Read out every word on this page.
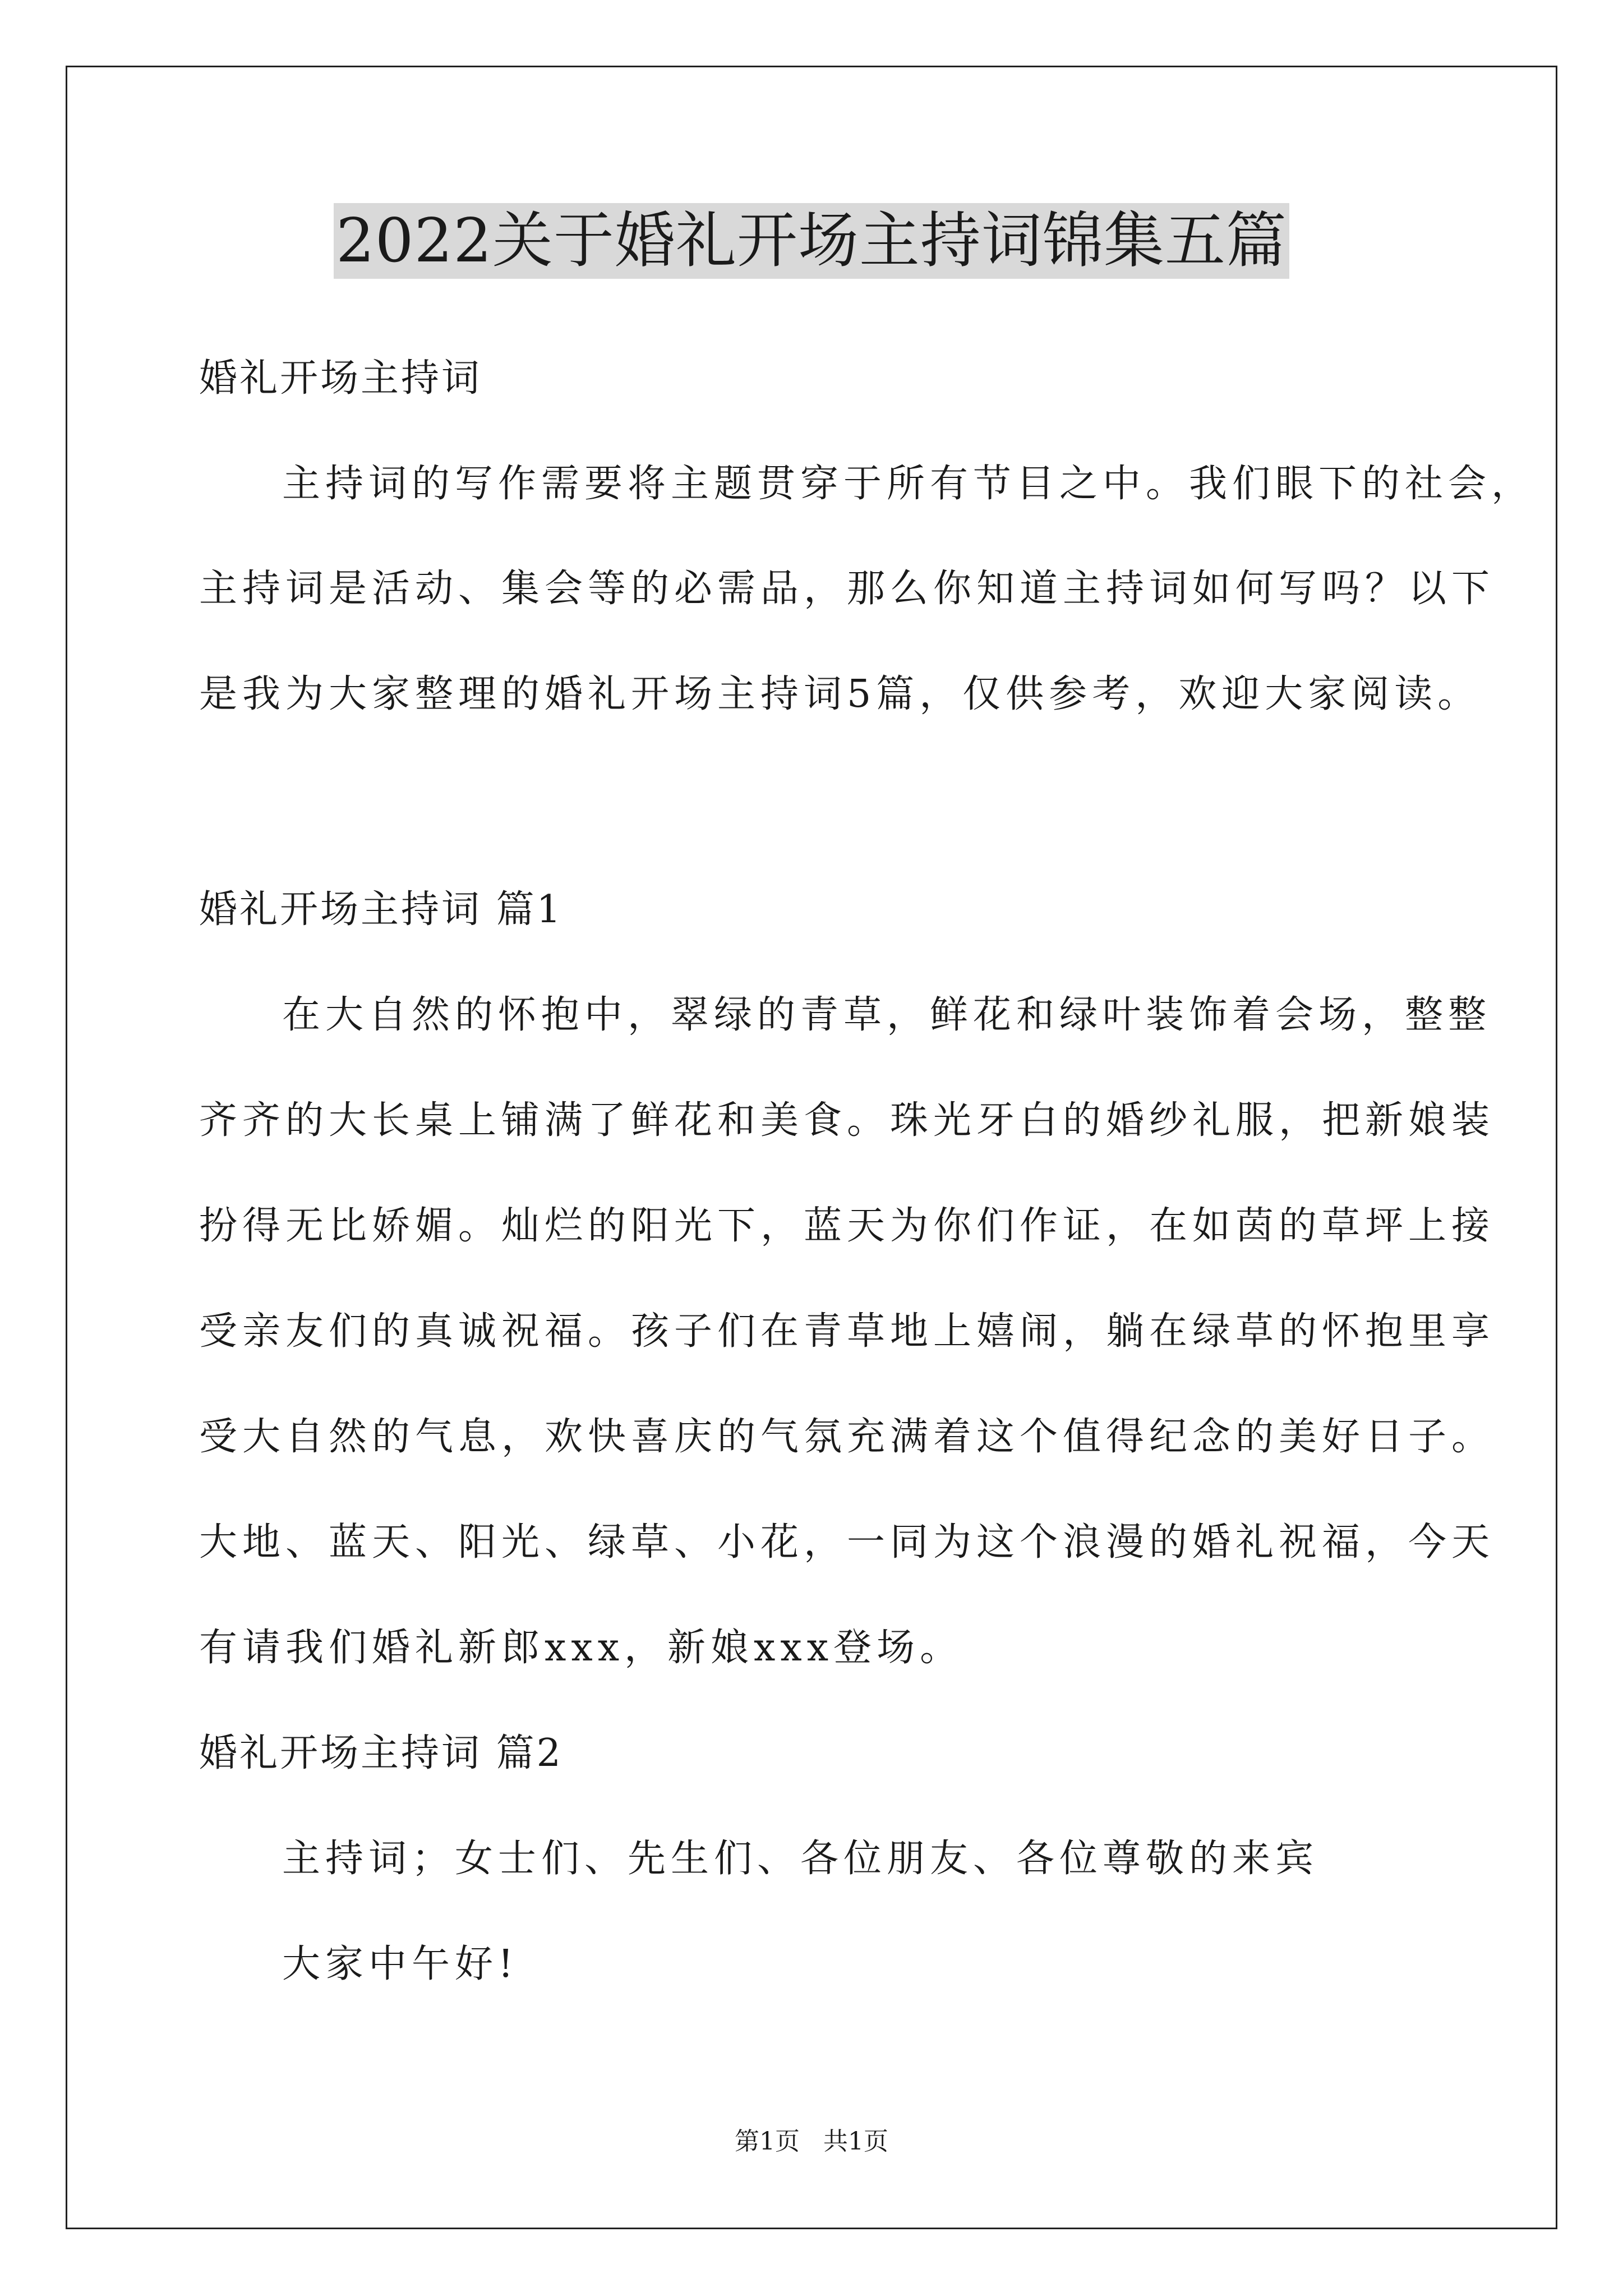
2022关于婚礼开场主持词锦集五篇
婚礼开场主持词
主持词的写作需要将主题贯穿于所有节目之中。我们眼下的社会，
主持词是活动、集会等的必需品，那么你知道主持词如何写吗？以下
是我为大家整理的婚礼开场主持词5篇，仅供参考，欢迎大家阅读。
婚礼开场主持词 篇1
在大自然的怀抱中，翠绿的青草，鲜花和绿叶装饰着会场，整整
齐齐的大长桌上铺满了鲜花和美食。珠光牙白的婚纱礼服，把新娘装
扮得无比娇媚。灿烂的阳光下，蓝天为你们作证，在如茵的草坪上接
受亲友们的真诚祝福。孩子们在青草地上嬉闹，躺在绿草的怀抱里享
受大自然的气息，欢快喜庆的气氛充满着这个值得纪念的美好日子。
大地、蓝天、阳光、绿草、小花，一同为这个浪漫的婚礼祝福，今天
有请我们婚礼新郎xxx，新娘xxx登场。
婚礼开场主持词 篇2
主持词；女士们、先生们、各位朋友、各位尊敬的来宾
大家中午好!
第1页   共1页
